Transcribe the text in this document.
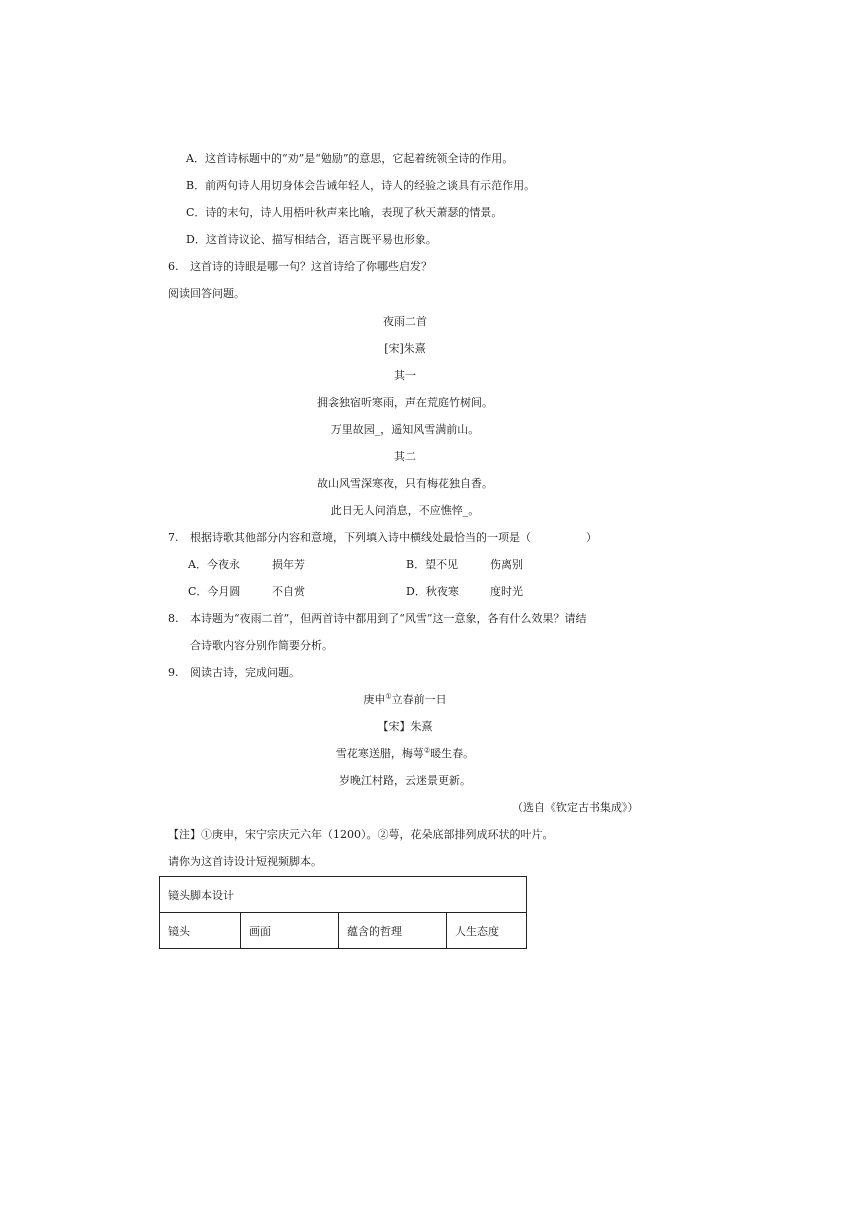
A．这首诗标题中的“劝”是“勉励”的意思，它起着统领全诗的作用。
B．前两句诗人用切身体会告诫年轻人，诗人的经验之谈具有示范作用。
C．诗的末句，诗人用梧叶秋声来比喻，表现了秋天萧瑟的情景。
D．这首诗议论、描写相结合，语言既平易也形象。
6. 这首诗的诗眼是哪一句？这首诗给了你哪些启发？
阅读回答问题。
夜雨二首
[宋]朱熹
其一
拥衾独宿听寒雨，声在荒庭竹树间。
万里故园_，遥知风雪满前山。
其二
故山风雪深寒夜，只有梅花独自香。
此日无人问消息，不应憔悴_。
7. 根据诗歌其他部分内容和意境，下列填入诗中横线处最恰当的一项是（　　　　　）
A．今夜永	损年芳	B．望不见	伤离别
C．今月圆	不自赏	D．秋夜寒	度时光
8. 本诗题为“夜雨二首”，但两首诗中都用到了“风雪”这一意象，各有什么效果？请结
合诗歌内容分别作简要分析。
9. 阅读古诗，完成问题。
庚申①立春前一日
【宋】朱熹
雪花寒送腊，梅萼②暖生春。
岁晚江村路，云迷景更新。
（选自《钦定古书集成》）
【注】①庚申，宋宁宗庆元六年（1200）。②萼，花朵底部排列成环状的叶片。
请你为这首诗设计短视频脚本。
镜头脚本设计
镜头	画面	蕴含的哲理	人生态度
